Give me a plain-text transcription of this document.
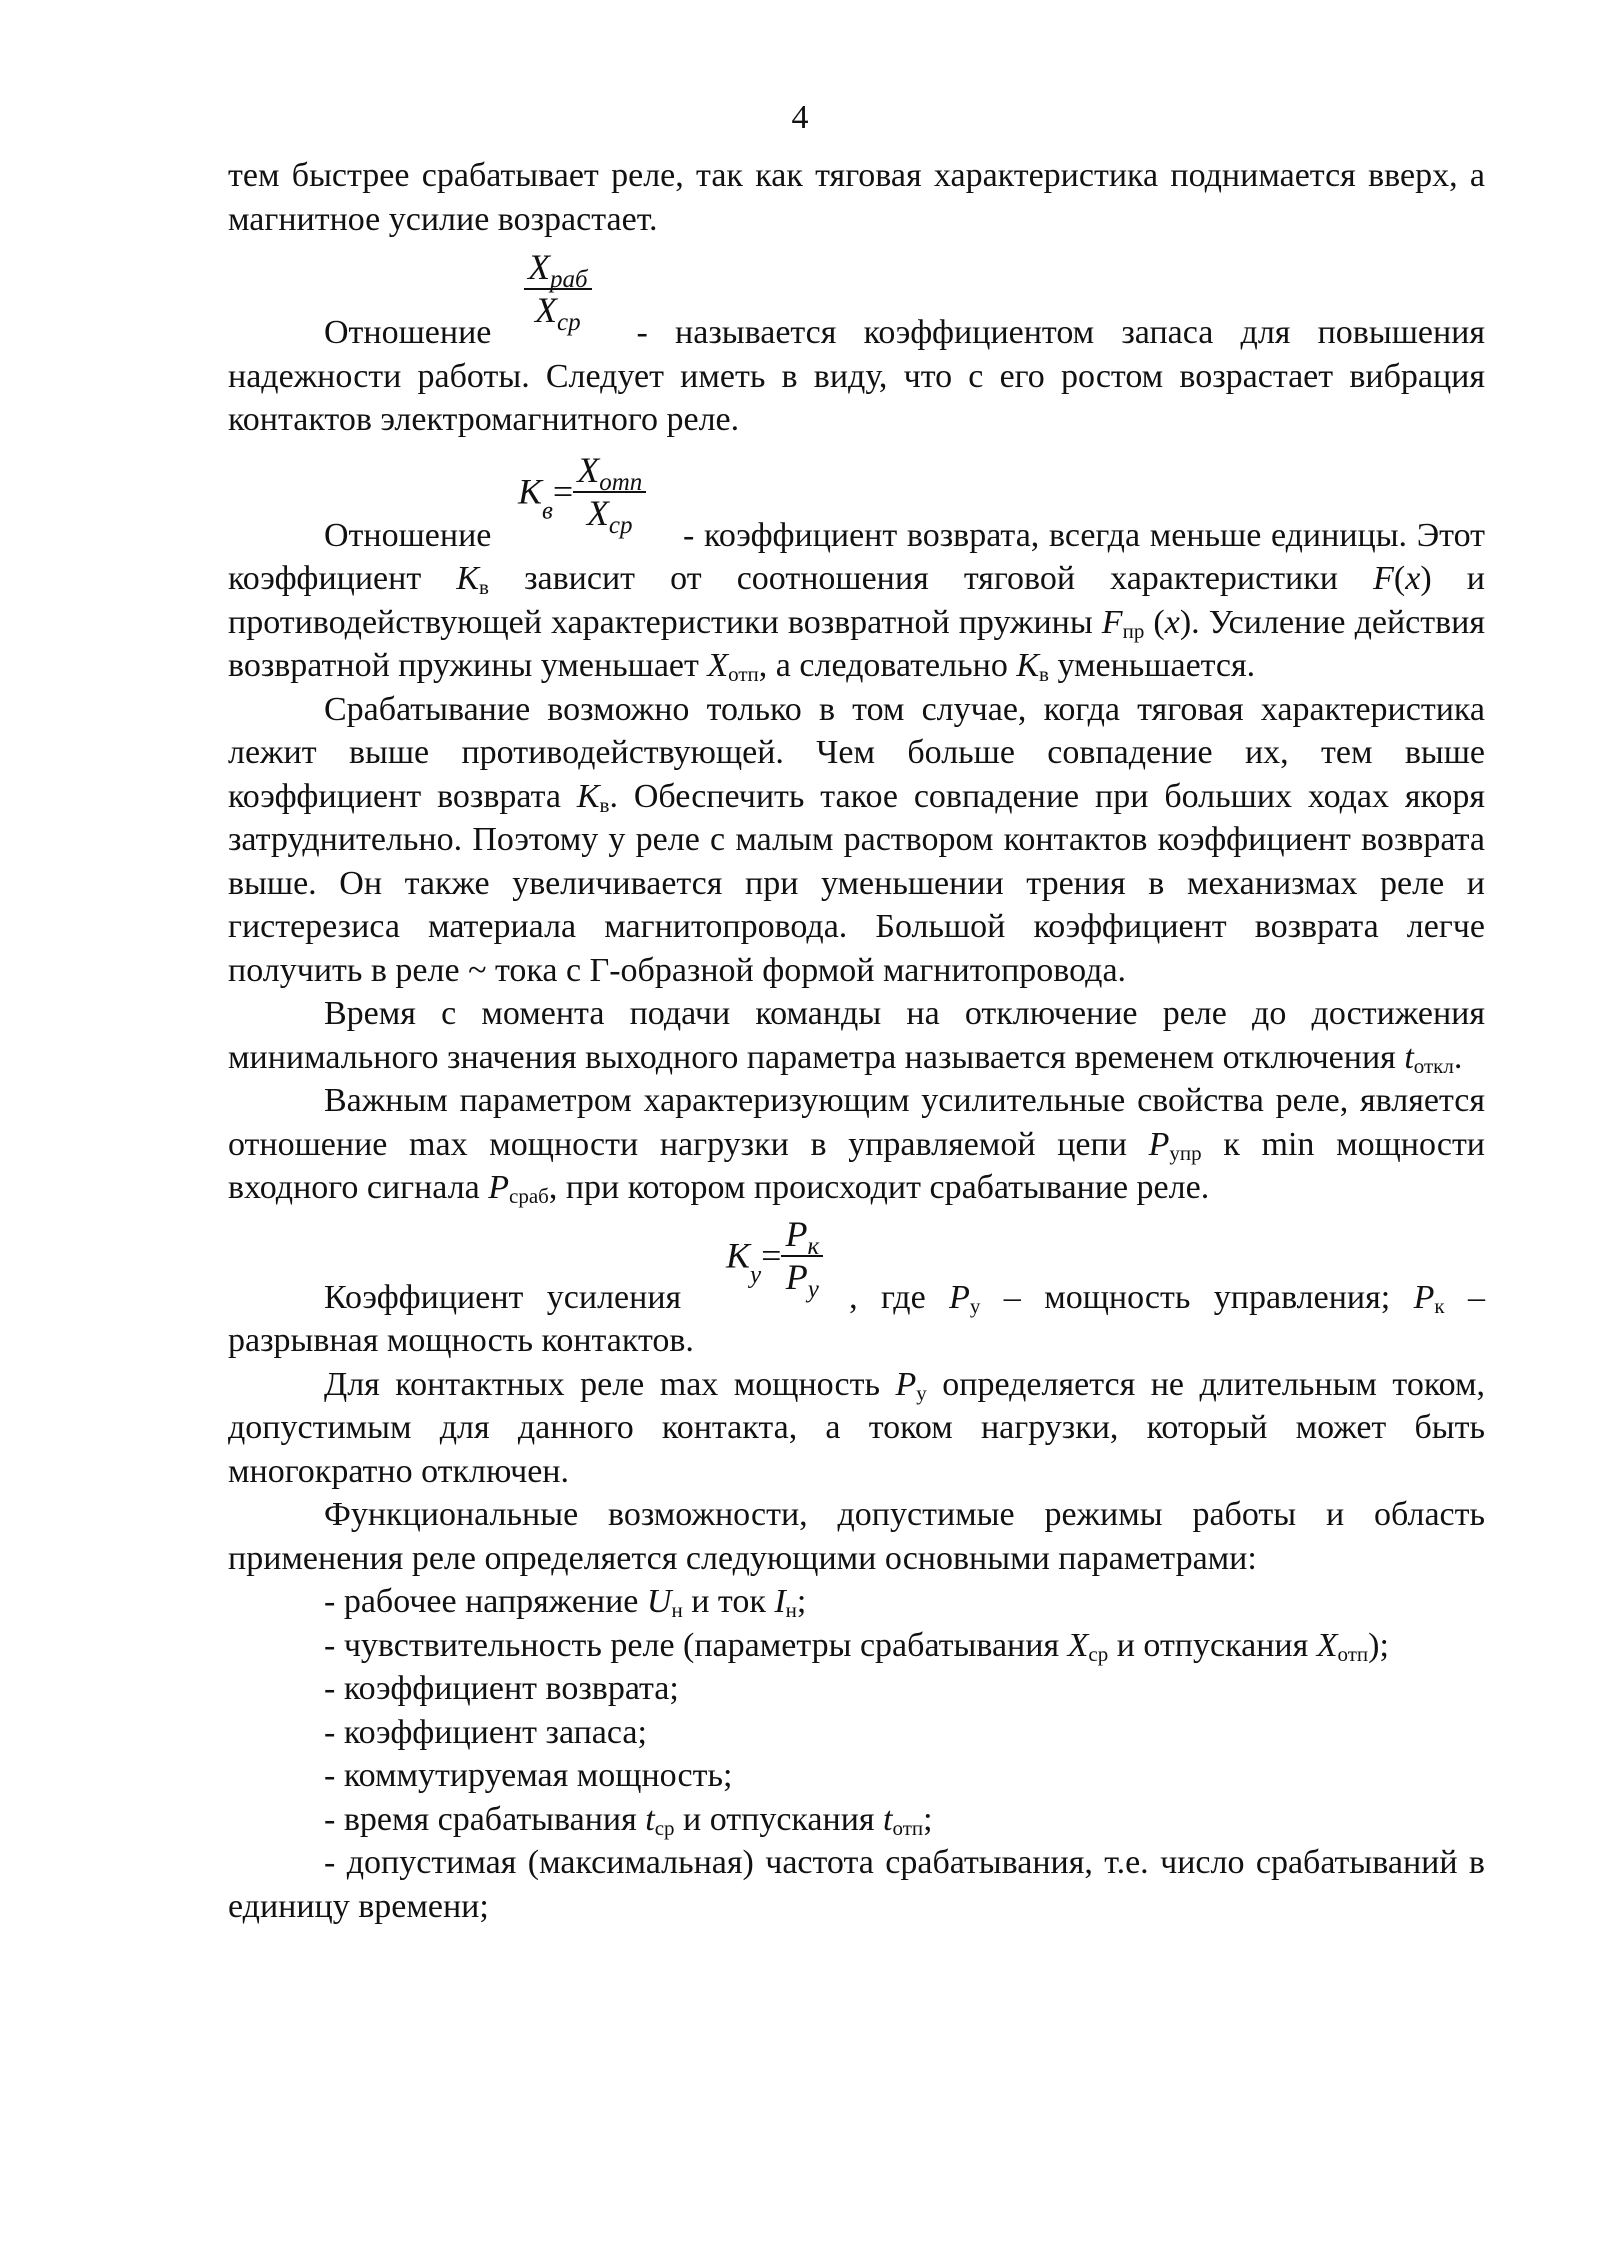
4

тем быстрее срабатывает реле, так как тяговая характеристика поднимается вверх, а магнитное усилие возрастает.

$\frac{X_{раб}}{X_{ср}}$

Отношение	- называется коэффициентом запаса для повышения надежности работы. Следует иметь в виду, что с его ростом возрастает вибрация контактов электромагнитного реле.

$K_в= \frac{X_{отп}}{X_{ср}}$

Отношение	- коэффициент возврата, всегда меньше единицы. Этот коэффициент $K_в$ зависит от соотношения тяговой характеристики F(x) и противодействующей характеристики возвратной пружины $F_{пр}$ (x). Усиление действия возвратной пружины уменьшает $X_{отп}$, а следовательно $K_в$ уменьшается.

Срабатывание возможно только в том случае, когда тяговая характеристика лежит выше противодействующей. Чем больше совпадение их, тем выше коэффициент возврата $K_в$. Обеспечить такое совпадение при больших ходах якоря затруднительно. Поэтому у реле с малым раствором контактов коэффициент возврата выше. Он также увеличивается при уменьшении трения в механизмах реле и гистерезиса материала магнитопровода. Большой коэффициент возврата легче получить в реле ~ тока с Г-образной формой магнитопровода.

Время с момента подачи команды на отключение реле до достижения минимального значения выходного параметра называется временем отключения $t_{откл}$.

Важным параметром характеризующим усилительные свойства реле, является отношение max мощности нагрузки в управляемой цепи $P_{упр}$ к min мощности входного сигнала $P_{сраб}$, при котором происходит срабатывание реле.

$K_у= \frac{P_к}{P_у}$

Коэффициент усиления	, где $P_у$ – мощность управления; $P_к$ – разрывная мощность контактов.

Для контактных реле max мощность $P_у$ определяется не длительным током, допустимым для данного контакта, а током нагрузки, который может быть многократно отключен.

Функциональные возможности, допустимые режимы работы и область применения реле определяется следующими основными параметрами:

- рабочее напряжение $U_н$ и ток $I_н$;

- чувствительность реле (параметры срабатывания $X_{ср}$ и отпускания $X_{отп}$);

- коэффициент возврата;

- коэффициент запаса;

- коммутируемая мощность;

- время срабатывания $t_{ср}$ и отпускания $t_{отп}$;

- допустимая (максимальная) частота срабатывания, т.е. число срабатываний в единицу времени;
